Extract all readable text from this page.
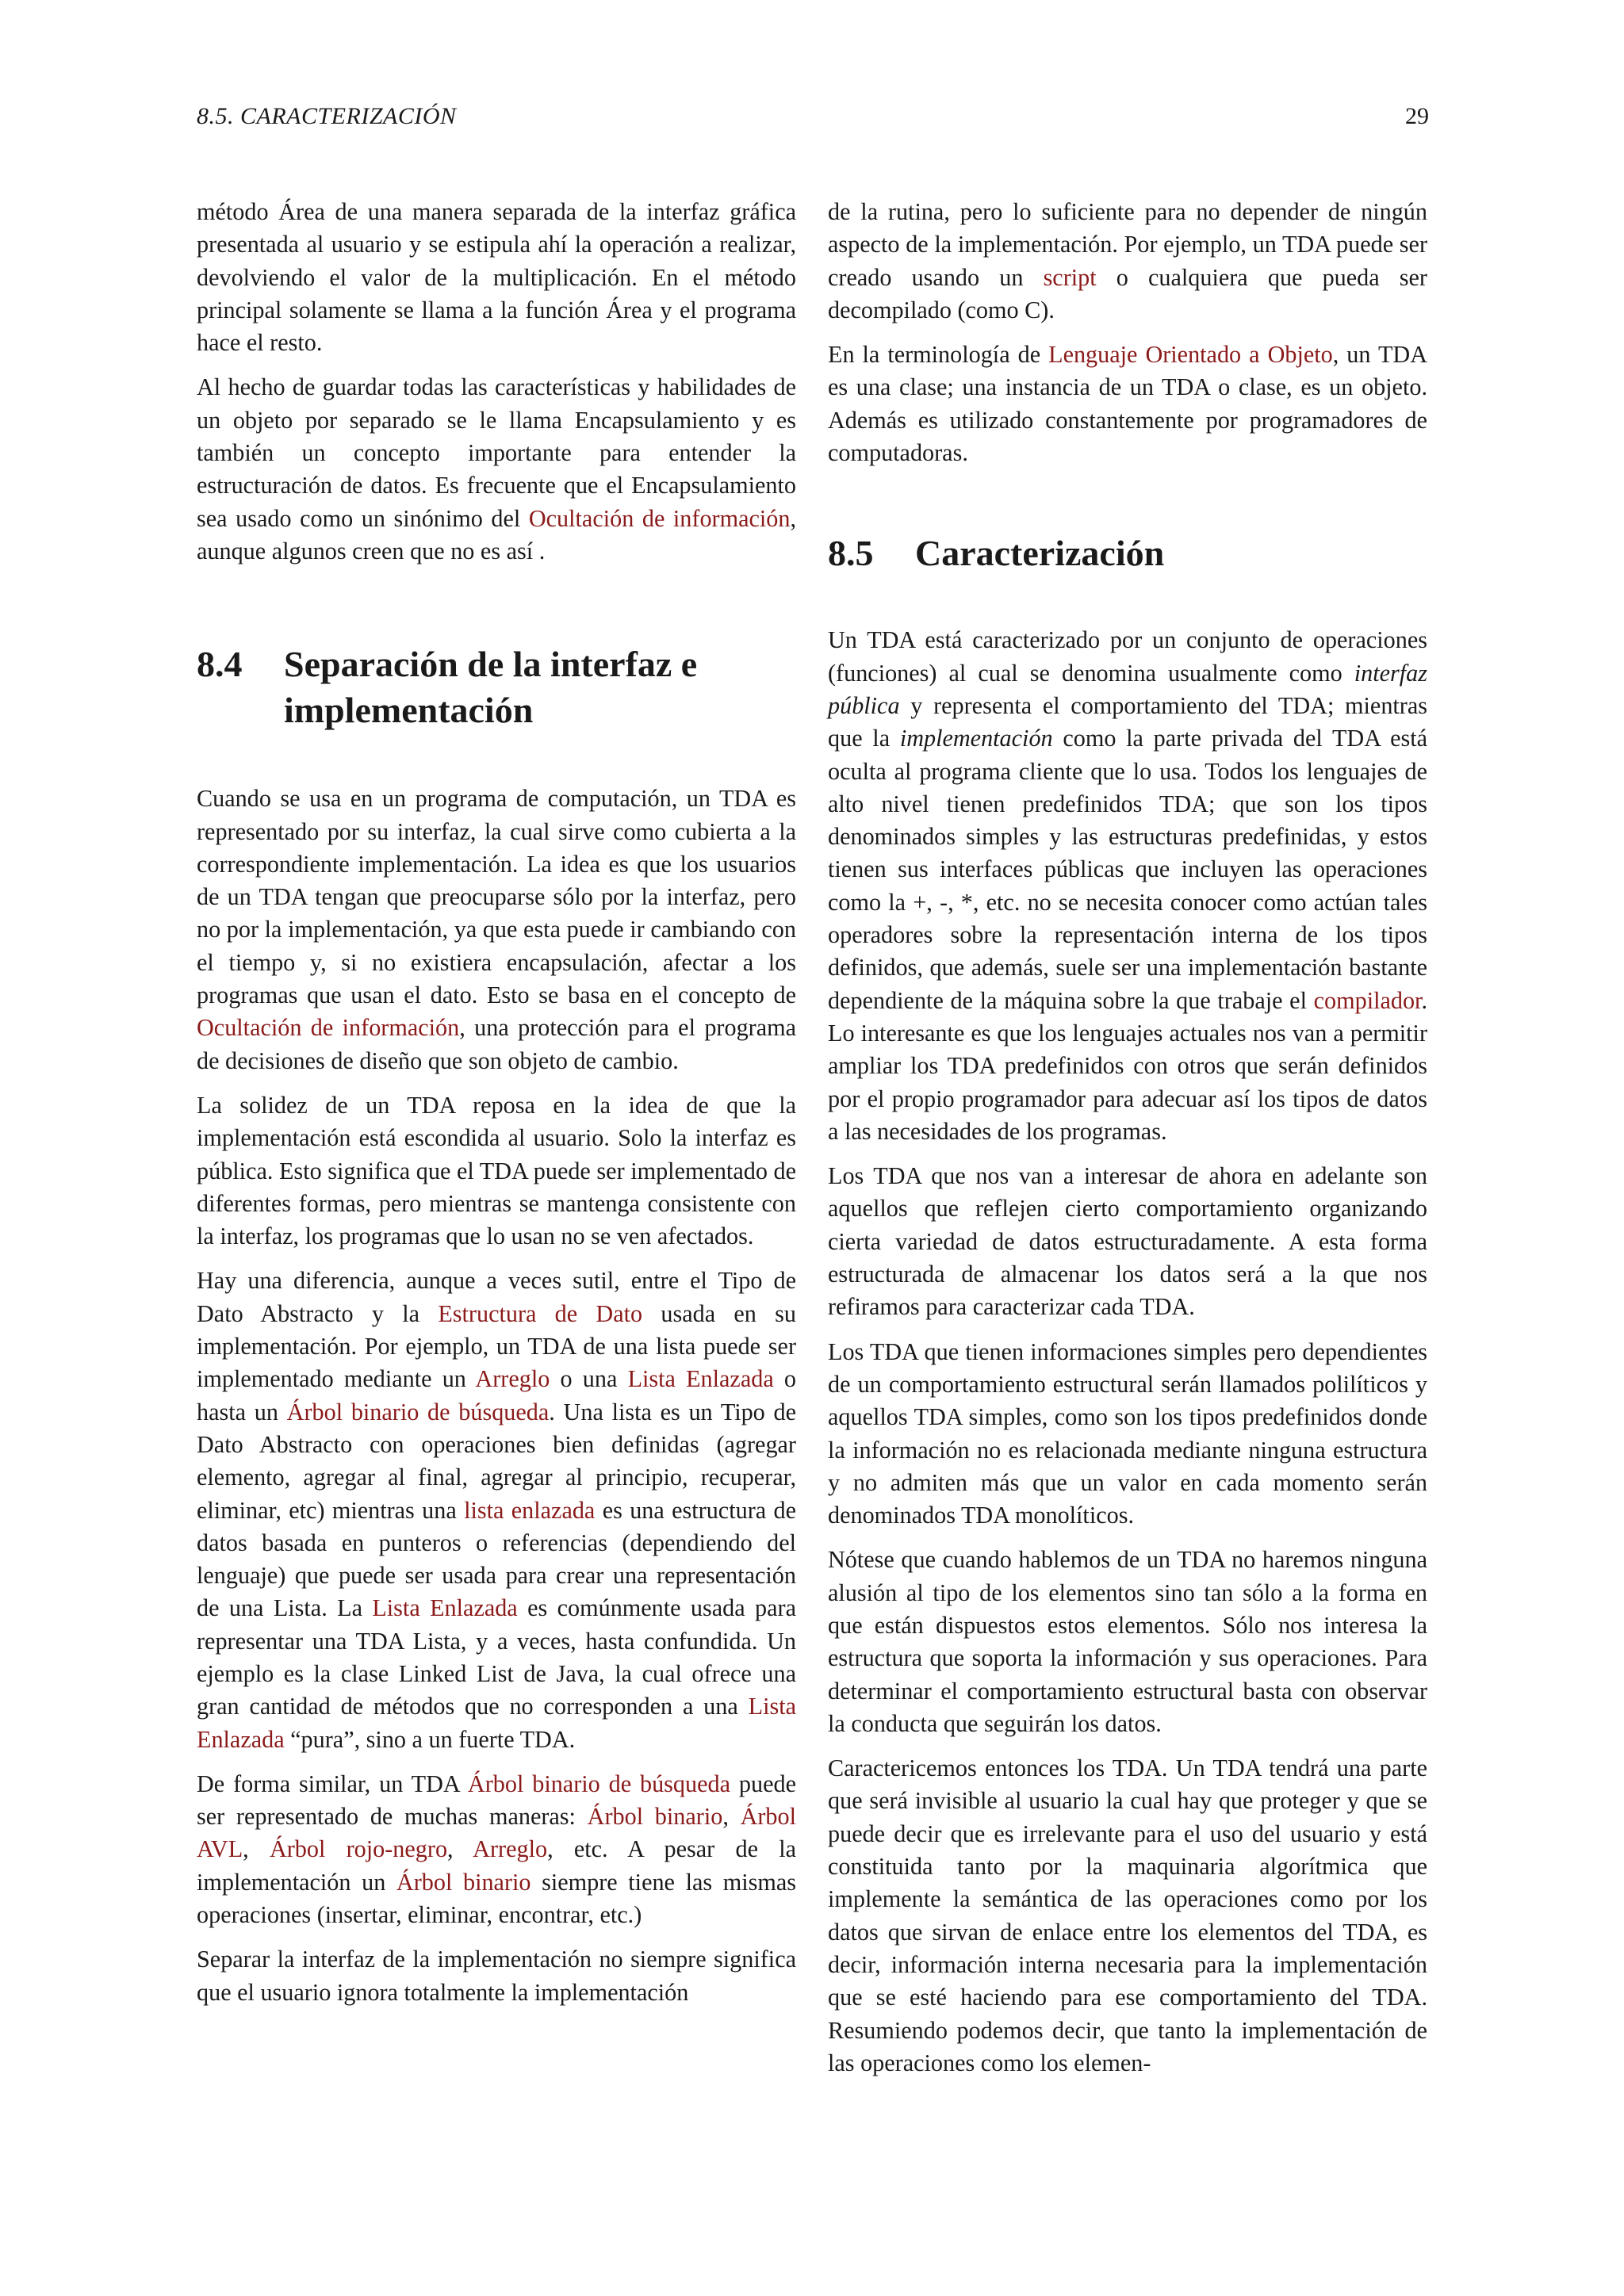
8.5. CARACTERIZACIÓN	29

método Área de una manera separada de la interfaz gráfica presentada al usuario y se estipula ahí la operación a realizar, devolviendo el valor de la multiplicación. En el método principal solamente se llama a la función Área y el programa hace el resto.

Al hecho de guardar todas las características y habilidades de un objeto por separado se le llama Encapsulamiento y es también un concepto importante para entender la estructuración de datos. Es frecuente que el Encapsulamiento sea usado como un sinónimo del Ocultación de información, aunque algunos creen que no es así .

8.4	Separación de la interfaz e implementación

Cuando se usa en un programa de computación, un TDA es representado por su interfaz, la cual sirve como cubierta a la correspondiente implementación. La idea es que los usuarios de un TDA tengan que preocuparse sólo por la interfaz, pero no por la implementación, ya que esta puede ir cambiando con el tiempo y, si no existiera encapsulación, afectar a los programas que usan el dato. Esto se basa en el concepto de Ocultación de información, una protección para el programa de decisiones de diseño que son objeto de cambio.

La solidez de un TDA reposa en la idea de que la implementación está escondida al usuario. Solo la interfaz es pública. Esto significa que el TDA puede ser implementado de diferentes formas, pero mientras se mantenga consistente con la interfaz, los programas que lo usan no se ven afectados.

Hay una diferencia, aunque a veces sutil, entre el Tipo de Dato Abstracto y la Estructura de Dato usada en su implementación. Por ejemplo, un TDA de una lista puede ser implementado mediante un Arreglo o una Lista Enlazada o hasta un Árbol binario de búsqueda. Una lista es un Tipo de Dato Abstracto con operaciones bien definidas (agregar elemento, agregar al final, agregar al principio, recuperar, eliminar, etc) mientras una lista enlazada es una estructura de datos basada en punteros o referencias (dependiendo del lenguaje) que puede ser usada para crear una representación de una Lista. La Lista Enlazada es comúnmente usada para representar una TDA Lista, y a veces, hasta confundida. Un ejemplo es la clase Linked List de Java, la cual ofrece una gran cantidad de métodos que no corresponden a una Lista Enlazada “pura”, sino a un fuerte TDA.

De forma similar, un TDA Árbol binario de búsqueda puede ser representado de muchas maneras: Árbol binario, Árbol AVL, Árbol rojo-negro, Arreglo, etc. A pesar de la implementación un Árbol binario siempre tiene las mismas operaciones (insertar, eliminar, encontrar, etc.)

Separar la interfaz de la implementación no siempre significa que el usuario ignora totalmente la implementación

de la rutina, pero lo suficiente para no depender de ningún aspecto de la implementación. Por ejemplo, un TDA puede ser creado usando un script o cualquiera que pueda ser decompilado (como C).

En la terminología de Lenguaje Orientado a Objeto, un TDA es una clase; una instancia de un TDA o clase, es un objeto. Además es utilizado constantemente por programadores de computadoras.

8.5	Caracterización

Un TDA está caracterizado por un conjunto de operaciones (funciones) al cual se denomina usualmente como interfaz pública y representa el comportamiento del TDA; mientras que la implementación como la parte privada del TDA está oculta al programa cliente que lo usa. Todos los lenguajes de alto nivel tienen predefinidos TDA; que son los tipos denominados simples y las estructuras predefinidas, y estos tienen sus interfaces públicas que incluyen las operaciones como la +, -, *, etc. no se necesita conocer como actúan tales operadores sobre la representación interna de los tipos definidos, que además, suele ser una implementación bastante dependiente de la máquina sobre la que trabaje el compilador. Lo interesante es que los lenguajes actuales nos van a permitir ampliar los TDA predefinidos con otros que serán definidos por el propio programador para adecuar así los tipos de datos a las necesidades de los programas.

Los TDA que nos van a interesar de ahora en adelante son aquellos que reflejen cierto comportamiento organizando cierta variedad de datos estructuradamente. A esta forma estructurada de almacenar los datos será a la que nos refiramos para caracterizar cada TDA.

Los TDA que tienen informaciones simples pero dependientes de un comportamiento estructural serán llamados polilíticos y aquellos TDA simples, como son los tipos predefinidos donde la información no es relacionada mediante ninguna estructura y no admiten más que un valor en cada momento serán denominados TDA monolíticos.

Nótese que cuando hablemos de un TDA no haremos ninguna alusión al tipo de los elementos sino tan sólo a la forma en que están dispuestos estos elementos. Sólo nos interesa la estructura que soporta la información y sus operaciones. Para determinar el comportamiento estructural basta con observar la conducta que seguirán los datos.

Caractericemos entonces los TDA. Un TDA tendrá una parte que será invisible al usuario la cual hay que proteger y que se puede decir que es irrelevante para el uso del usuario y está constituida tanto por la maquinaria algorítmica que implemente la semántica de las operaciones como por los datos que sirvan de enlace entre los elementos del TDA, es decir, información interna necesaria para la implementación que se esté haciendo para ese comportamiento del TDA. Resumiendo podemos decir, que tanto la implementación de las operaciones como los elemen-
